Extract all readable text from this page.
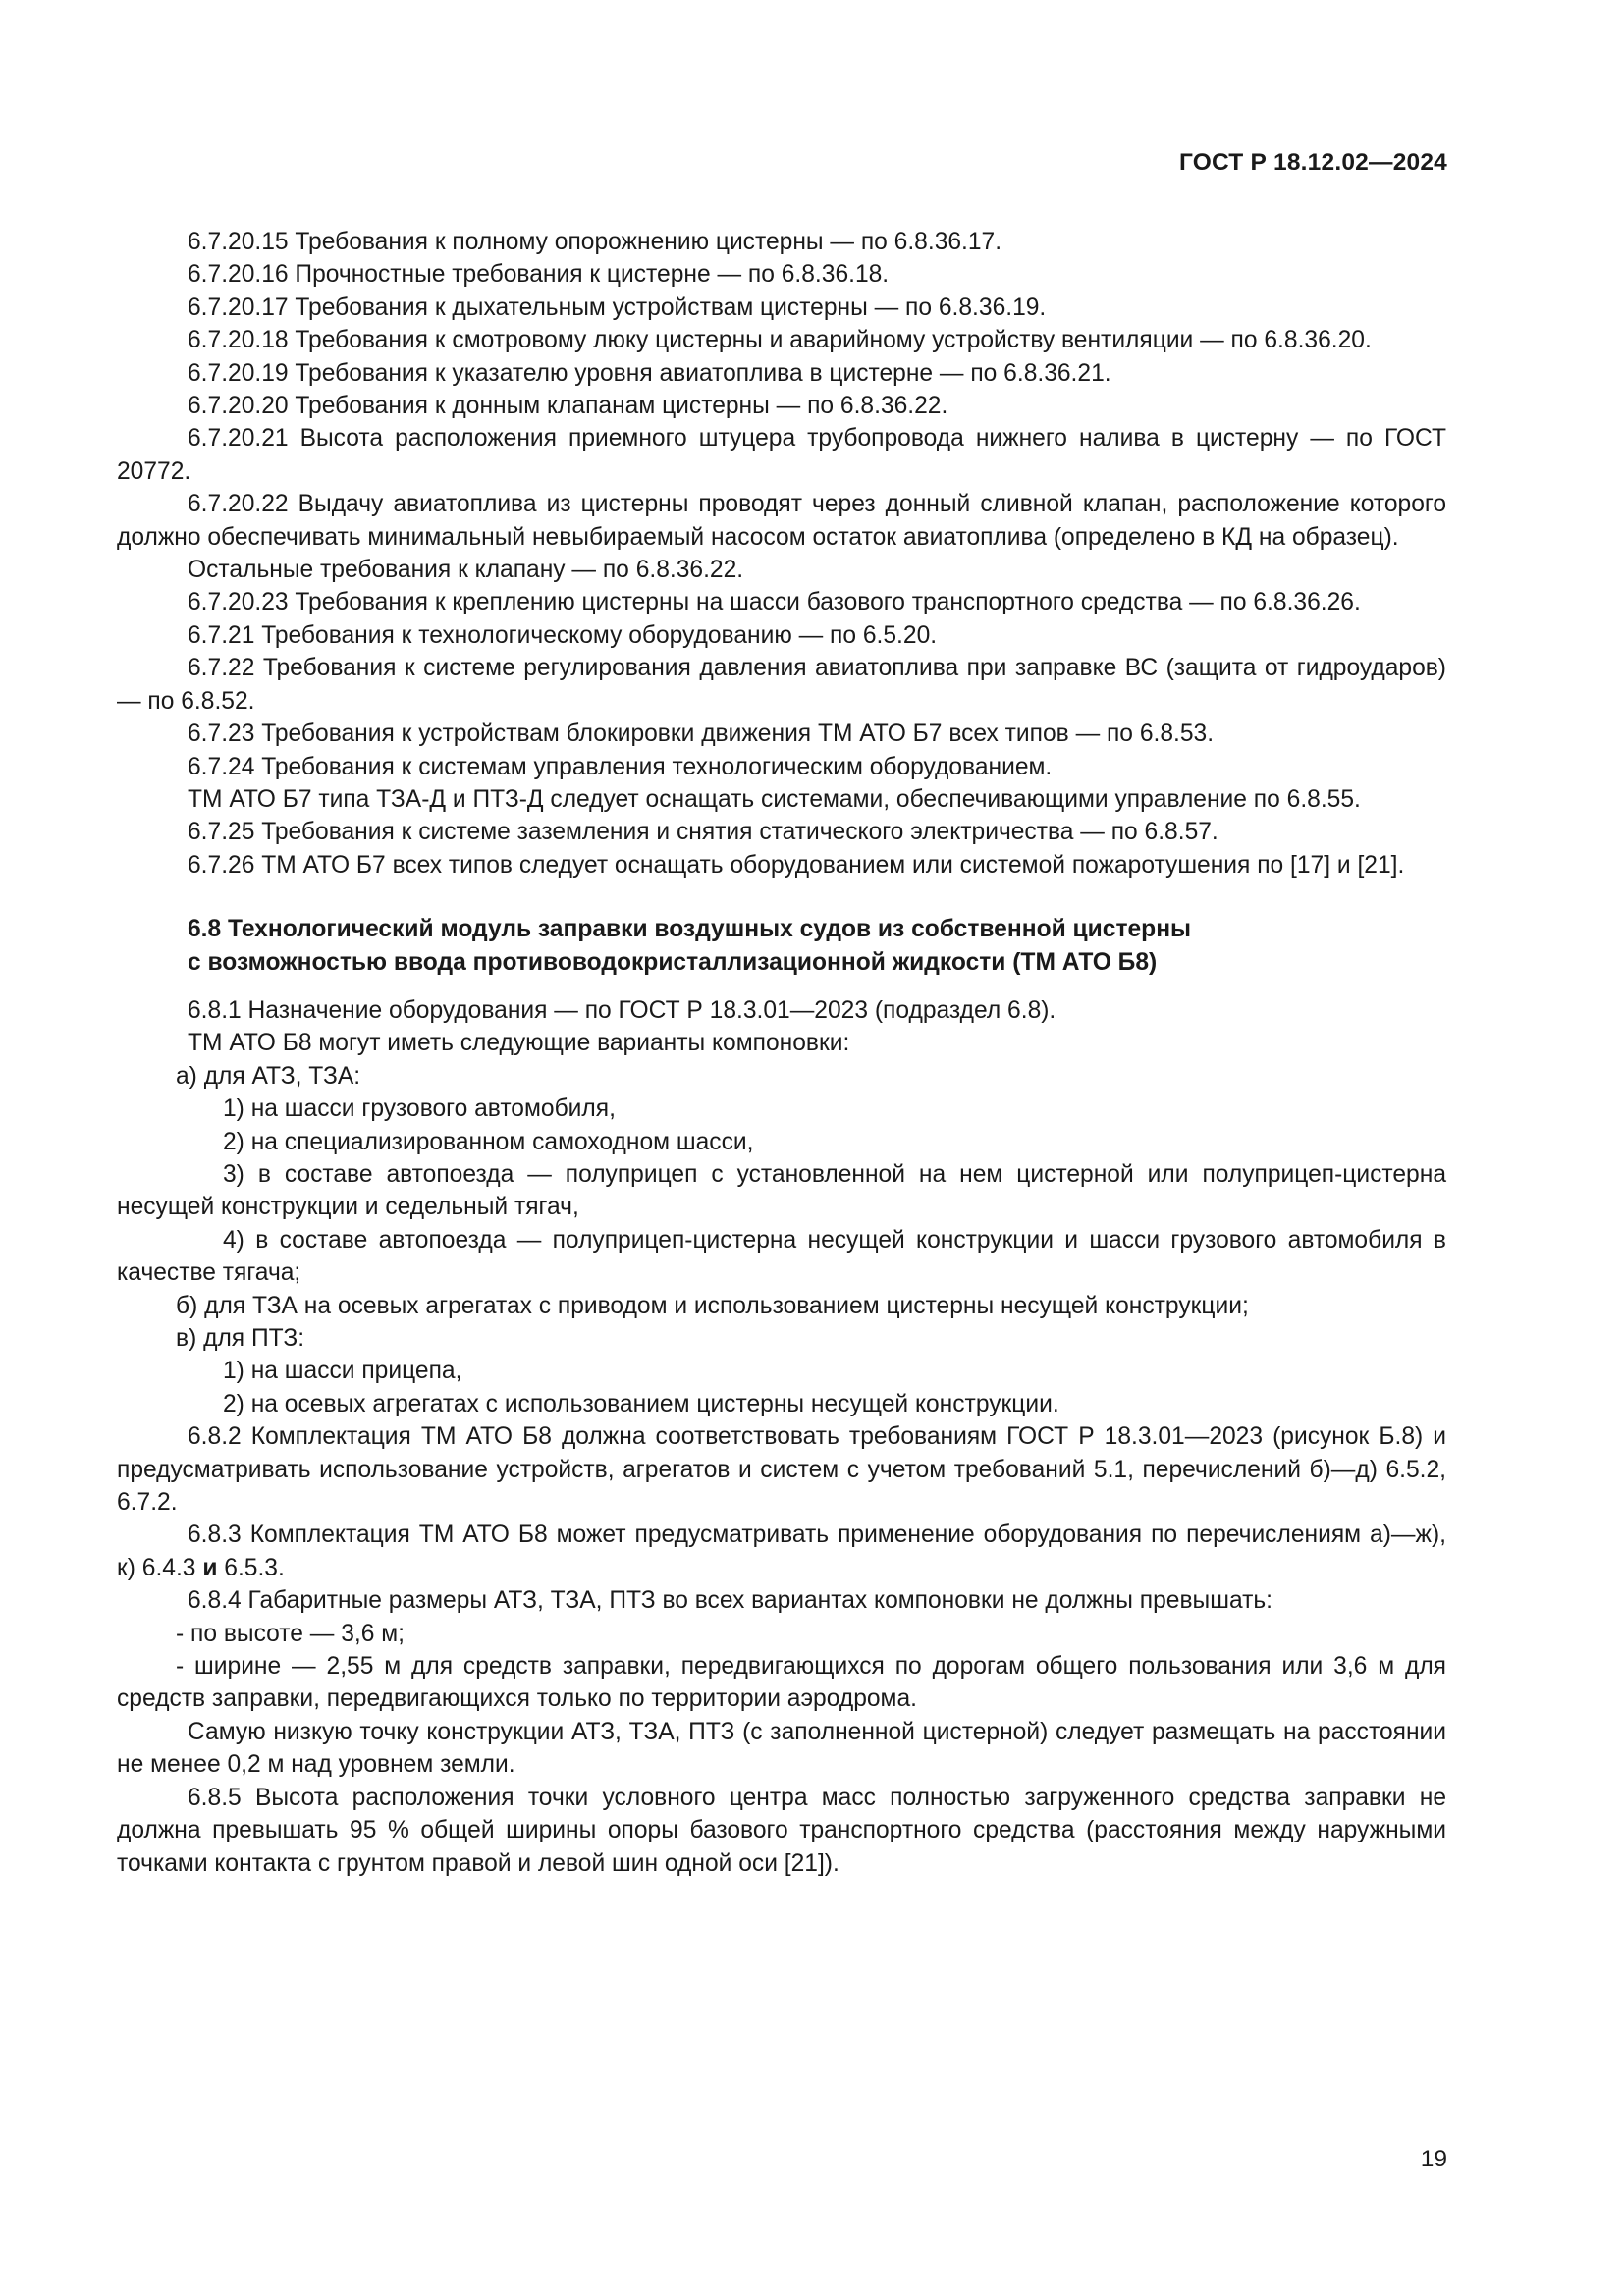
ГОСТ Р 18.12.02—2024

6.7.20.15 Требования к полному опорожнению цистерны — по 6.8.36.17.

6.7.20.16 Прочностные требования к цистерне — по 6.8.36.18.

6.7.20.17 Требования к дыхательным устройствам цистерны — по 6.8.36.19.

6.7.20.18 Требования к смотровому люку цистерны и аварийному устройству вентиляции — по 6.8.36.20.

6.7.20.19 Требования к указателю уровня авиатоплива в цистерне — по 6.8.36.21.

6.7.20.20 Требования к донным клапанам цистерны — по 6.8.36.22.

6.7.20.21 Высота расположения приемного штуцера трубопровода нижнего налива в цистерну — по ГОСТ 20772.

6.7.20.22 Выдачу авиатоплива из цистерны проводят через донный сливной клапан, расположение которого должно обеспечивать минимальный невыбираемый насосом остаток авиатоплива (определено в КД на образец).

Остальные требования к клапану — по 6.8.36.22.

6.7.20.23 Требования к креплению цистерны на шасси базового транспортного средства — по 6.8.36.26.

6.7.21 Требования к технологическому оборудованию — по 6.5.20.

6.7.22 Требования к системе регулирования давления авиатоплива при заправке ВС (защита от гидроударов) — по 6.8.52.

6.7.23 Требования к устройствам блокировки движения ТМ АТО Б7 всех типов — по 6.8.53.

6.7.24 Требования к системам управления технологическим оборудованием.

ТМ АТО Б7 типа ТЗА-Д и ПТЗ-Д следует оснащать системами, обеспечивающими управление по 6.8.55.

6.7.25 Требования к системе заземления и снятия статического электричества — по 6.8.57.

6.7.26 ТМ АТО Б7 всех типов следует оснащать оборудованием или системой пожаротушения по [17] и [21].

6.8 Технологический модуль заправки воздушных судов из собственной цистерны
с возможностью ввода противоводокристаллизационной жидкости (ТМ АТО Б8)

6.8.1 Назначение оборудования — по ГОСТ Р 18.3.01—2023 (подраздел 6.8).

ТМ АТО Б8 могут иметь следующие варианты компоновки:

а) для АТЗ, ТЗА:

1) на шасси грузового автомобиля,

2) на специализированном самоходном шасси,

3) в составе автопоезда — полуприцеп с установленной на нем цистерной или полуприцеп-цистерна несущей конструкции и седельный тягач,

4) в составе автопоезда — полуприцеп-цистерна несущей конструкции и шасси грузового автомобиля в качестве тягача;

б) для ТЗА на осевых агрегатах с приводом и использованием цистерны несущей конструкции;

в) для ПТЗ:

1) на шасси прицепа,

2) на осевых агрегатах с использованием цистерны несущей конструкции.

6.8.2 Комплектация ТМ АТО Б8 должна соответствовать требованиям ГОСТ Р 18.3.01—2023 (рисунок Б.8) и предусматривать использование устройств, агрегатов и систем с учетом требований 5.1, перечислений б)—д) 6.5.2, 6.7.2.

6.8.3 Комплектация ТМ АТО Б8 может предусматривать применение оборудования по перечислениям а)—ж), к) 6.4.3 и 6.5.3.

6.8.4 Габаритные размеры АТЗ, ТЗА, ПТЗ во всех вариантах компоновки не должны превышать:

- по высоте — 3,6 м;

- ширине — 2,55 м для средств заправки, передвигающихся по дорогам общего пользования или 3,6 м для средств заправки, передвигающихся только по территории аэродрома.

Самую низкую точку конструкции АТЗ, ТЗА, ПТЗ (с заполненной цистерной) следует размещать на расстоянии не менее 0,2 м над уровнем земли.

6.8.5 Высота расположения точки условного центра масс полностью загруженного средства заправки не должна превышать 95 % общей ширины опоры базового транспортного средства (расстояния между наружными точками контакта с грунтом правой и левой шин одной оси [21]).

19
